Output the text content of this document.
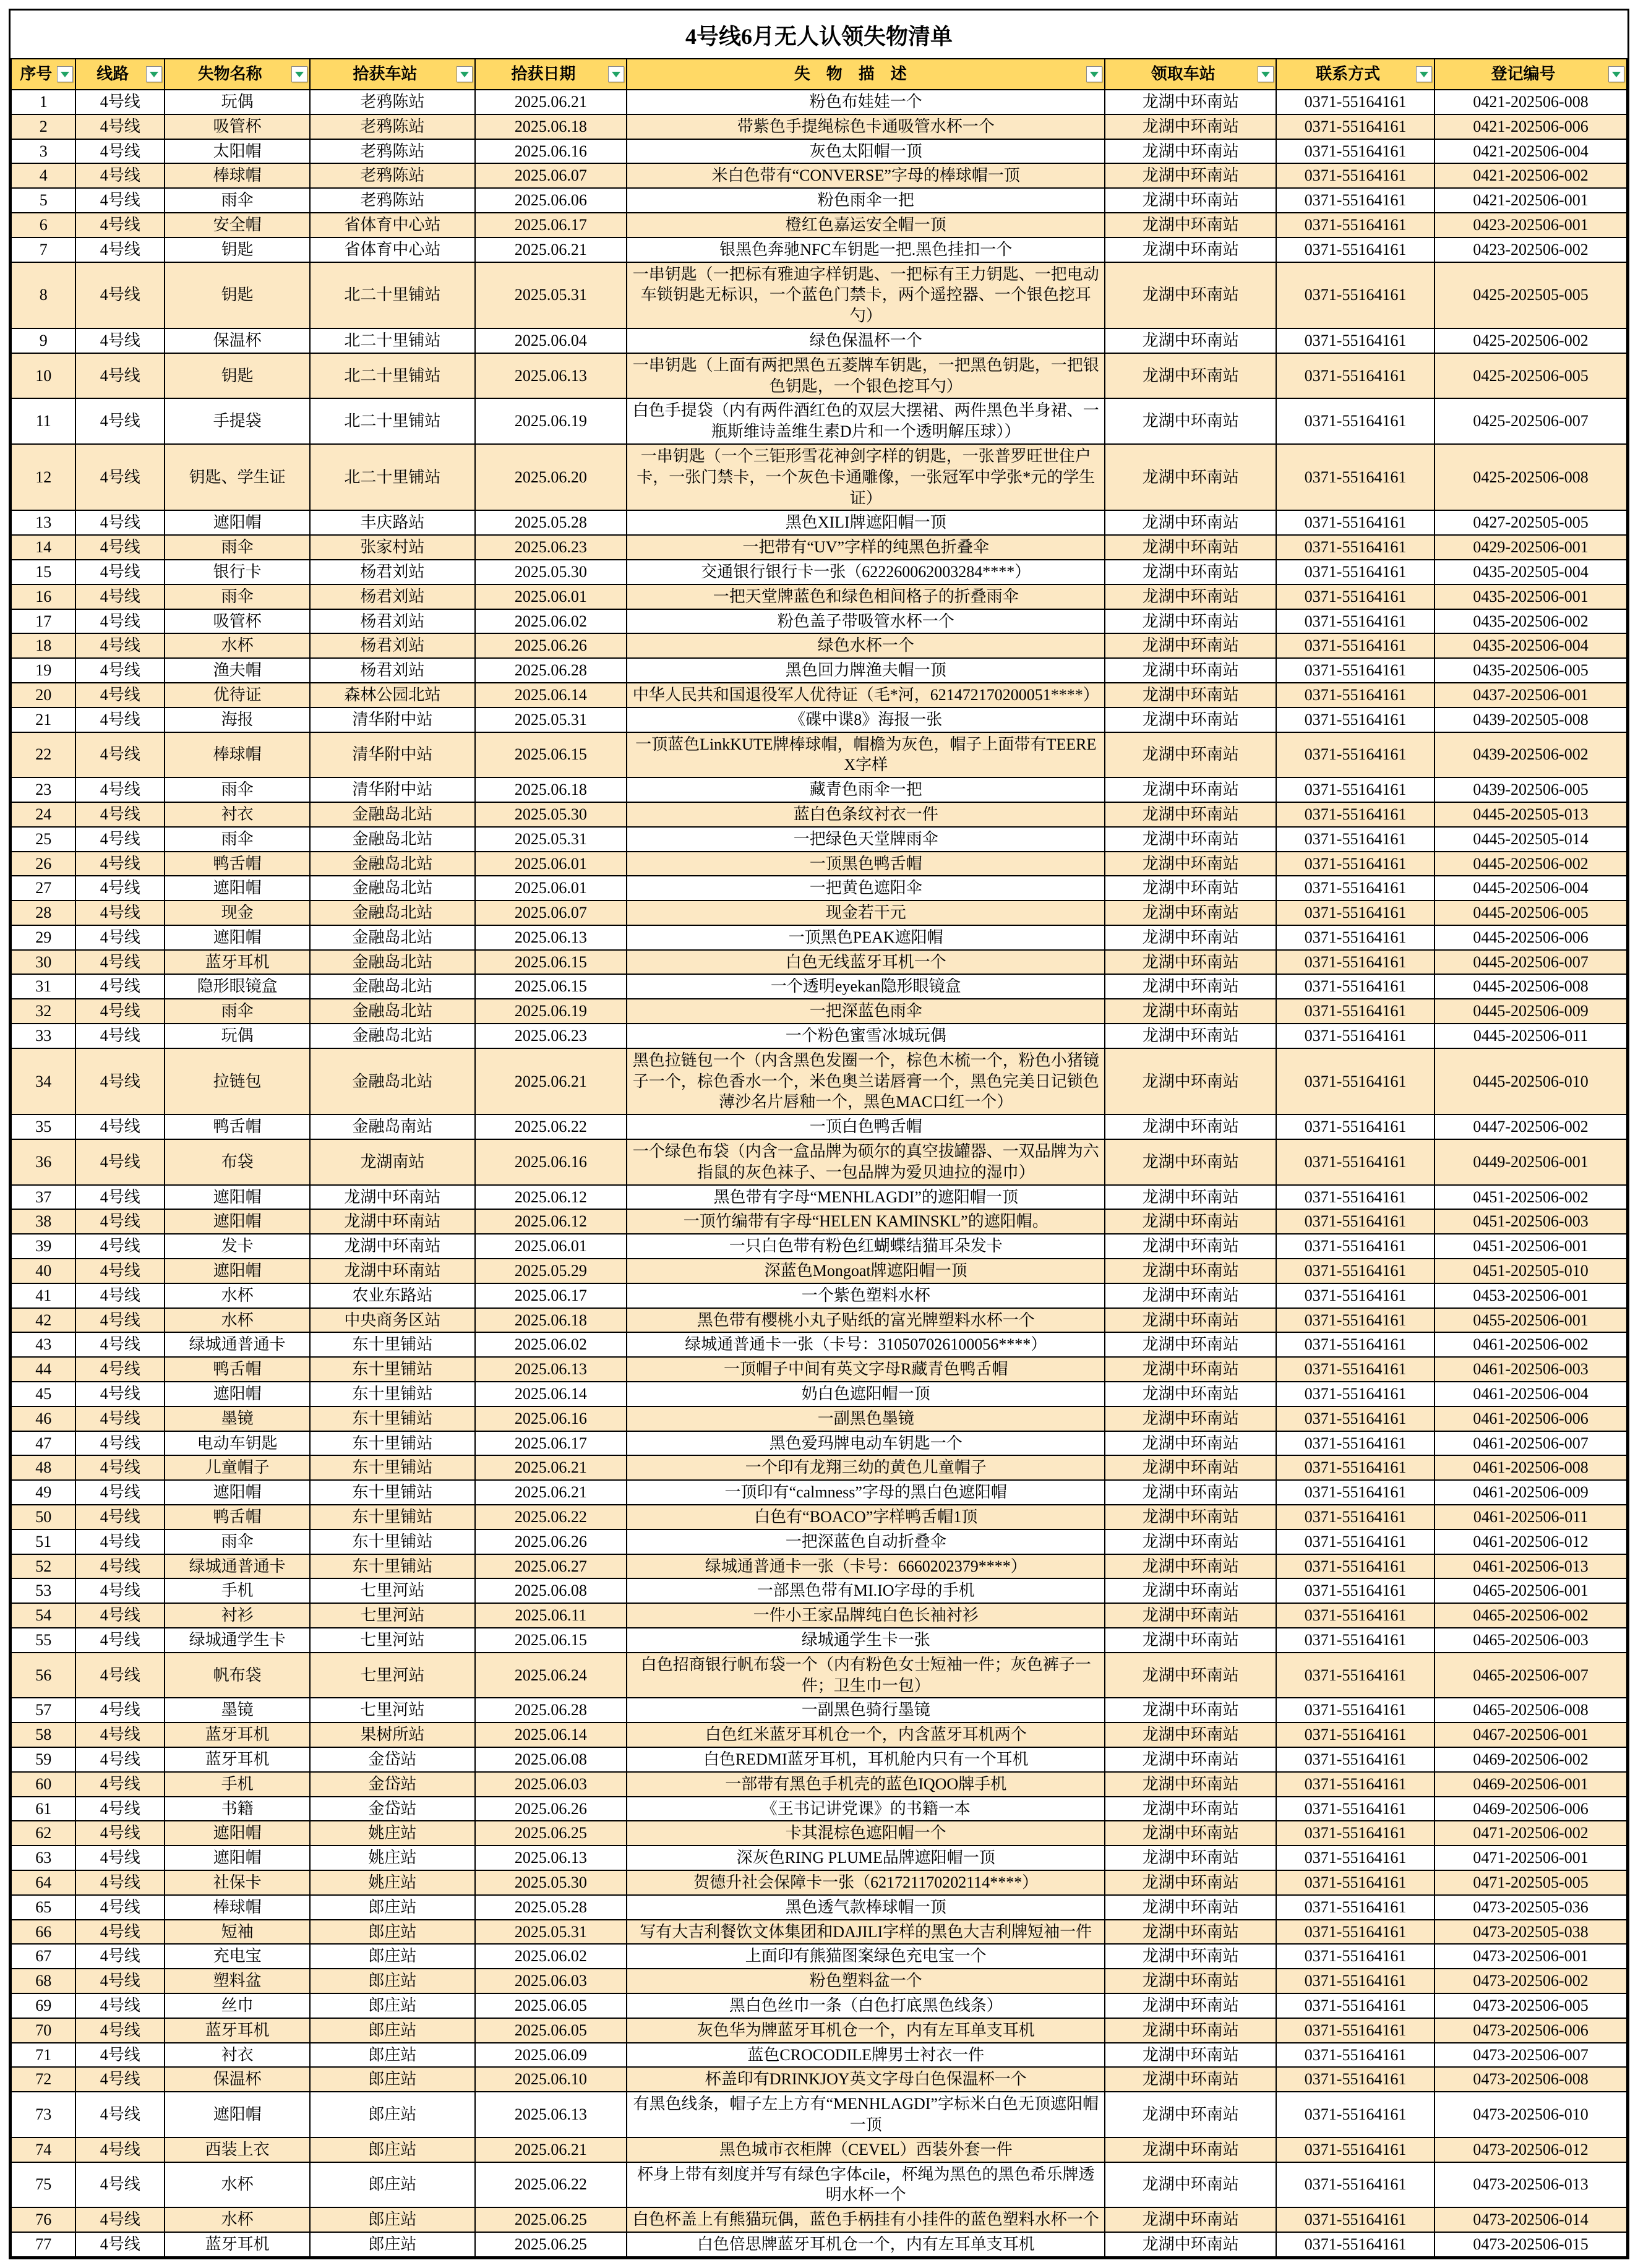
4号线6月无人认领失物清单
序号	线路	失物名称	拾获车站	拾获日期	失物描述	领取车站	联系方式	登记编号

1	4号线	玩偶	老鸦陈站	2025.06.21	粉色布娃娃一个	龙湖中环南站	0371-55164161	0421-202506-008
2	4号线	吸管杯	老鸦陈站	2025.06.18	带紫色手提绳棕色卡通吸管水杯一个	龙湖中环南站	0371-55164161	0421-202506-006
3	4号线	太阳帽	老鸦陈站	2025.06.16	灰色太阳帽一顶	龙湖中环南站	0371-55164161	0421-202506-004
4	4号线	棒球帽	老鸦陈站	2025.06.07	米白色带有“CONVERSE”字母的棒球帽一顶	龙湖中环南站	0371-55164161	0421-202506-002
5	4号线	雨伞	老鸦陈站	2025.06.06	粉色雨伞一把	龙湖中环南站	0371-55164161	0421-202506-001
6	4号线	安全帽	省体育中心站	2025.06.17	橙红色嘉运安全帽一顶	龙湖中环南站	0371-55164161	0423-202506-001
7	4号线	钥匙	省体育中心站	2025.06.21	银黑色奔驰NFC车钥匙一把.黑色挂扣一个	龙湖中环南站	0371-55164161	0423-202506-002
8	4号线	钥匙	北二十里铺站	2025.05.31	一串钥匙（一把标有雅迪字样钥匙、一把标有王力钥匙、一把电动车锁钥匙无标识，一个蓝色门禁卡，两个遥控器、一个银色挖耳勺）	龙湖中环南站	0371-55164161	0425-202505-005
9	4号线	保温杯	北二十里铺站	2025.06.04	绿色保温杯一个	龙湖中环南站	0371-55164161	0425-202506-002
10	4号线	钥匙	北二十里铺站	2025.06.13	一串钥匙（上面有两把黑色五菱牌车钥匙，一把黑色钥匙，一把银色钥匙，一个银色挖耳勺）	龙湖中环南站	0371-55164161	0425-202506-005
11	4号线	手提袋	北二十里铺站	2025.06.19	白色手提袋（内有两件酒红色的双层大摆裙、两件黑色半身裙、一瓶斯维诗盖维生素D片和一个透明解压球））	龙湖中环南站	0371-55164161	0425-202506-007
12	4号线	钥匙、学生证	北二十里铺站	2025.06.20	一串钥匙（一个三钜形雪花神剑字样的钥匙，一张普罗旺世住户卡，一张门禁卡，一个灰色卡通雕像，一张冠军中学张*元的学生证）	龙湖中环南站	0371-55164161	0425-202506-008
13	4号线	遮阳帽	丰庆路站	2025.05.28	黑色XILI牌遮阳帽一顶	龙湖中环南站	0371-55164161	0427-202505-005
14	4号线	雨伞	张家村站	2025.06.23	一把带有“UV”字样的纯黑色折叠伞	龙湖中环南站	0371-55164161	0429-202506-001
15	4号线	银行卡	杨君刘站	2025.05.30	交通银行银行卡一张（622260062003284****）	龙湖中环南站	0371-55164161	0435-202505-004
16	4号线	雨伞	杨君刘站	2025.06.01	一把天堂牌蓝色和绿色相间格子的折叠雨伞	龙湖中环南站	0371-55164161	0435-202506-001
17	4号线	吸管杯	杨君刘站	2025.06.02	粉色盖子带吸管水杯一个	龙湖中环南站	0371-55164161	0435-202506-002
18	4号线	水杯	杨君刘站	2025.06.26	绿色水杯一个	龙湖中环南站	0371-55164161	0435-202506-004
19	4号线	渔夫帽	杨君刘站	2025.06.28	黑色回力牌渔夫帽一顶	龙湖中环南站	0371-55164161	0435-202506-005
20	4号线	优待证	森林公园北站	2025.06.14	中华人民共和国退役军人优待证（毛*河，621472170200051****）	龙湖中环南站	0371-55164161	0437-202506-001
21	4号线	海报	清华附中站	2025.05.31	《碟中谍8》海报一张	龙湖中环南站	0371-55164161	0439-202505-008
22	4号线	棒球帽	清华附中站	2025.06.15	一顶蓝色LinkKUTE牌棒球帽，帽檐为灰色，帽子上面带有TEEREX字样	龙湖中环南站	0371-55164161	0439-202506-002
23	4号线	雨伞	清华附中站	2025.06.18	藏青色雨伞一把	龙湖中环南站	0371-55164161	0439-202506-005
24	4号线	衬衣	金融岛北站	2025.05.30	蓝白色条纹衬衣一件	龙湖中环南站	0371-55164161	0445-202505-013
25	4号线	雨伞	金融岛北站	2025.05.31	一把绿色天堂牌雨伞	龙湖中环南站	0371-55164161	0445-202505-014
26	4号线	鸭舌帽	金融岛北站	2025.06.01	一顶黑色鸭舌帽	龙湖中环南站	0371-55164161	0445-202506-002
27	4号线	遮阳帽	金融岛北站	2025.06.01	一把黄色遮阳伞	龙湖中环南站	0371-55164161	0445-202506-004
28	4号线	现金	金融岛北站	2025.06.07	现金若干元	龙湖中环南站	0371-55164161	0445-202506-005
29	4号线	遮阳帽	金融岛北站	2025.06.13	一顶黑色PEAK遮阳帽	龙湖中环南站	0371-55164161	0445-202506-006
30	4号线	蓝牙耳机	金融岛北站	2025.06.15	白色无线蓝牙耳机一个	龙湖中环南站	0371-55164161	0445-202506-007
31	4号线	隐形眼镜盒	金融岛北站	2025.06.15	一个透明eyekan隐形眼镜盒	龙湖中环南站	0371-55164161	0445-202506-008
32	4号线	雨伞	金融岛北站	2025.06.19	一把深蓝色雨伞	龙湖中环南站	0371-55164161	0445-202506-009
33	4号线	玩偶	金融岛北站	2025.06.23	一个粉色蜜雪冰城玩偶	龙湖中环南站	0371-55164161	0445-202506-011
34	4号线	拉链包	金融岛北站	2025.06.21	黑色拉链包一个（内含黑色发圈一个，棕色木梳一个，粉色小猪镜子一个，棕色香水一个，米色奥兰诺唇膏一个，黑色完美日记锁色薄沙名片唇釉一个，黑色MAC口红一个）	龙湖中环南站	0371-55164161	0445-202506-010
35	4号线	鸭舌帽	金融岛南站	2025.06.22	一顶白色鸭舌帽	龙湖中环南站	0371-55164161	0447-202506-002
36	4号线	布袋	龙湖南站	2025.06.16	一个绿色布袋（内含一盒品牌为硕尔的真空拔罐器、一双品牌为六指鼠的灰色袜子、一包品牌为爱贝迪拉的湿巾）	龙湖中环南站	0371-55164161	0449-202506-001
37	4号线	遮阳帽	龙湖中环南站	2025.06.12	黑色带有字母“MENHLAGDI”的遮阳帽一顶	龙湖中环南站	0371-55164161	0451-202506-002
38	4号线	遮阳帽	龙湖中环南站	2025.06.12	一顶竹编带有字母“HELEN KAMINSKL”的遮阳帽。	龙湖中环南站	0371-55164161	0451-202506-003
39	4号线	发卡	龙湖中环南站	2025.06.01	一只白色带有粉色红蝴蝶结猫耳朵发卡	龙湖中环南站	0371-55164161	0451-202506-001
40	4号线	遮阳帽	龙湖中环南站	2025.05.29	深蓝色Mongoat牌遮阳帽一顶	龙湖中环南站	0371-55164161	0451-202505-010
41	4号线	水杯	农业东路站	2025.06.17	一个紫色塑料水杯	龙湖中环南站	0371-55164161	0453-202506-001
42	4号线	水杯	中央商务区站	2025.06.18	黑色带有樱桃小丸子贴纸的富光牌塑料水杯一个	龙湖中环南站	0371-55164161	0455-202506-001
43	4号线	绿城通普通卡	东十里铺站	2025.06.02	绿城通普通卡一张（卡号：310507026100056****）	龙湖中环南站	0371-55164161	0461-202506-002
44	4号线	鸭舌帽	东十里铺站	2025.06.13	一顶帽子中间有英文字母R藏青色鸭舌帽	龙湖中环南站	0371-55164161	0461-202506-003
45	4号线	遮阳帽	东十里铺站	2025.06.14	奶白色遮阳帽一顶	龙湖中环南站	0371-55164161	0461-202506-004
46	4号线	墨镜	东十里铺站	2025.06.16	一副黑色墨镜	龙湖中环南站	0371-55164161	0461-202506-006
47	4号线	电动车钥匙	东十里铺站	2025.06.17	黑色爱玛牌电动车钥匙一个	龙湖中环南站	0371-55164161	0461-202506-007
48	4号线	儿童帽子	东十里铺站	2025.06.21	一个印有龙翔三幼的黄色儿童帽子	龙湖中环南站	0371-55164161	0461-202506-008
49	4号线	遮阳帽	东十里铺站	2025.06.21	一顶印有“calmness”字母的黑白色遮阳帽	龙湖中环南站	0371-55164161	0461-202506-009
50	4号线	鸭舌帽	东十里铺站	2025.06.22	白色有“BOACO”字样鸭舌帽1顶	龙湖中环南站	0371-55164161	0461-202506-011
51	4号线	雨伞	东十里铺站	2025.06.26	一把深蓝色自动折叠伞	龙湖中环南站	0371-55164161	0461-202506-012
52	4号线	绿城通普通卡	东十里铺站	2025.06.27	绿城通普通卡一张（卡号：6660202379****）	龙湖中环南站	0371-55164161	0461-202506-013
53	4号线	手机	七里河站	2025.06.08	一部黑色带有MI.IO字母的手机	龙湖中环南站	0371-55164161	0465-202506-001
54	4号线	衬衫	七里河站	2025.06.11	一件小王家品牌纯白色长袖衬衫	龙湖中环南站	0371-55164161	0465-202506-002
55	4号线	绿城通学生卡	七里河站	2025.06.15	绿城通学生卡一张	龙湖中环南站	0371-55164161	0465-202506-003
56	4号线	帆布袋	七里河站	2025.06.24	白色招商银行帆布袋一个（内有粉色女士短袖一件；灰色裤子一件；卫生巾一包）	龙湖中环南站	0371-55164161	0465-202506-007
57	4号线	墨镜	七里河站	2025.06.28	一副黑色骑行墨镜	龙湖中环南站	0371-55164161	0465-202506-008
58	4号线	蓝牙耳机	果树所站	2025.06.14	白色红米蓝牙耳机仓一个，内含蓝牙耳机两个	龙湖中环南站	0371-55164161	0467-202506-001
59	4号线	蓝牙耳机	金岱站	2025.06.08	白色REDMI蓝牙耳机，耳机舱内只有一个耳机	龙湖中环南站	0371-55164161	0469-202506-002
60	4号线	手机	金岱站	2025.06.03	一部带有黑色手机壳的蓝色IQOO牌手机	龙湖中环南站	0371-55164161	0469-202506-001
61	4号线	书籍	金岱站	2025.06.26	《王书记讲党课》的书籍一本	龙湖中环南站	0371-55164161	0469-202506-006
62	4号线	遮阳帽	姚庄站	2025.06.25	卡其混棕色遮阳帽一个	龙湖中环南站	0371-55164161	0471-202506-002
63	4号线	遮阳帽	姚庄站	2025.06.13	深灰色RING PLUME品牌遮阳帽一顶	龙湖中环南站	0371-55164161	0471-202506-001
64	4号线	社保卡	姚庄站	2025.05.30	贺德升社会保障卡一张（621721170202114****）	龙湖中环南站	0371-55164161	0471-202505-005
65	4号线	棒球帽	郎庄站	2025.05.28	黑色透气款棒球帽一顶	龙湖中环南站	0371-55164161	0473-202505-036
66	4号线	短袖	郎庄站	2025.05.31	写有大吉利餐饮文体集团和DAJILI字样的黑色大吉利牌短袖一件	龙湖中环南站	0371-55164161	0473-202505-038
67	4号线	充电宝	郎庄站	2025.06.02	上面印有熊猫图案绿色充电宝一个	龙湖中环南站	0371-55164161	0473-202506-001
68	4号线	塑料盆	郎庄站	2025.06.03	粉色塑料盆一个	龙湖中环南站	0371-55164161	0473-202506-002
69	4号线	丝巾	郎庄站	2025.06.05	黑白色丝巾一条（白色打底黑色线条）	龙湖中环南站	0371-55164161	0473-202506-005
70	4号线	蓝牙耳机	郎庄站	2025.06.05	灰色华为牌蓝牙耳机仓一个，内有左耳单支耳机	龙湖中环南站	0371-55164161	0473-202506-006
71	4号线	衬衣	郎庄站	2025.06.09	蓝色CROCODILE牌男士衬衣一件	龙湖中环南站	0371-55164161	0473-202506-007
72	4号线	保温杯	郎庄站	2025.06.10	杯盖印有DRINKJOY英文字母白色保温杯一个	龙湖中环南站	0371-55164161	0473-202506-008
73	4号线	遮阳帽	郎庄站	2025.06.13	有黑色线条，帽子左上方有“MENHLAGDI”字标米白色无顶遮阳帽一顶	龙湖中环南站	0371-55164161	0473-202506-010
74	4号线	西装上衣	郎庄站	2025.06.21	黑色城市衣柜牌（CEVEL）西装外套一件	龙湖中环南站	0371-55164161	0473-202506-012
75	4号线	水杯	郎庄站	2025.06.22	杯身上带有刻度并写有绿色字体cile，杯绳为黑色的黑色希乐牌透明水杯一个	龙湖中环南站	0371-55164161	0473-202506-013
76	4号线	水杯	郎庄站	2025.06.25	白色杯盖上有熊猫玩偶，蓝色手柄挂有小挂件的蓝色塑料水杯一个	龙湖中环南站	0371-55164161	0473-202506-014
77	4号线	蓝牙耳机	郎庄站	2025.06.25	白色倍思牌蓝牙耳机仓一个，内有左耳单支耳机	龙湖中环南站	0371-55164161	0473-202506-015
